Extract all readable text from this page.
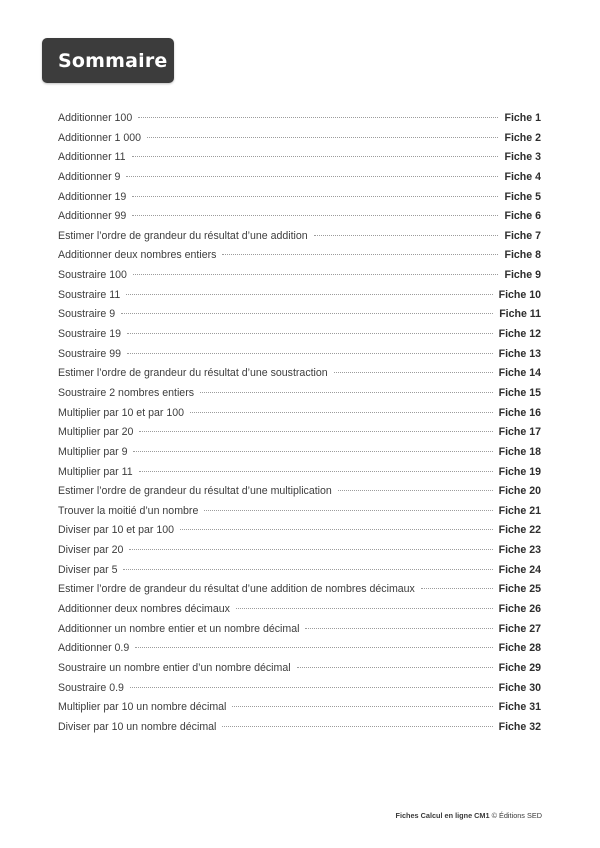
Sommaire
Additionner 100	Fiche 1
Additionner 1 000	Fiche 2
Additionner 11	Fiche 3
Additionner 9	Fiche 4
Additionner 19	Fiche 5
Additionner 99	Fiche 6
Estimer l’ordre de grandeur du résultat d’une addition	Fiche 7
Additionner deux nombres entiers	Fiche 8
Soustraire 100	Fiche 9
Soustraire 11	Fiche 10
Soustraire 9	Fiche 11
Soustraire 19	Fiche 12
Soustraire 99	Fiche 13
Estimer l’ordre de grandeur du résultat d’une soustraction	Fiche 14
Soustraire 2 nombres entiers	Fiche 15
Multiplier par 10 et par 100	Fiche 16
Multiplier par 20	Fiche 17
Multiplier par 9	Fiche 18
Multiplier par 11	Fiche 19
Estimer l’ordre de grandeur du résultat d’une multiplication	Fiche 20
Trouver la moitié d’un nombre	Fiche 21
Diviser par 10 et par 100	Fiche 22
Diviser par 20	Fiche 23
Diviser par 5	Fiche 24
Estimer l’ordre de grandeur du résultat d’une addition de nombres décimaux	Fiche 25
Additionner deux nombres décimaux	Fiche 26
Additionner un nombre entier et un nombre décimal	Fiche 27
Additionner 0.9	Fiche 28
Soustraire un nombre entier d’un nombre décimal	Fiche 29
Soustraire 0.9	Fiche 30
Multiplier par 10 un nombre décimal	Fiche 31
Diviser par 10 un nombre décimal	Fiche 32
Fiches Calcul en ligne CM1 © Éditions SED
